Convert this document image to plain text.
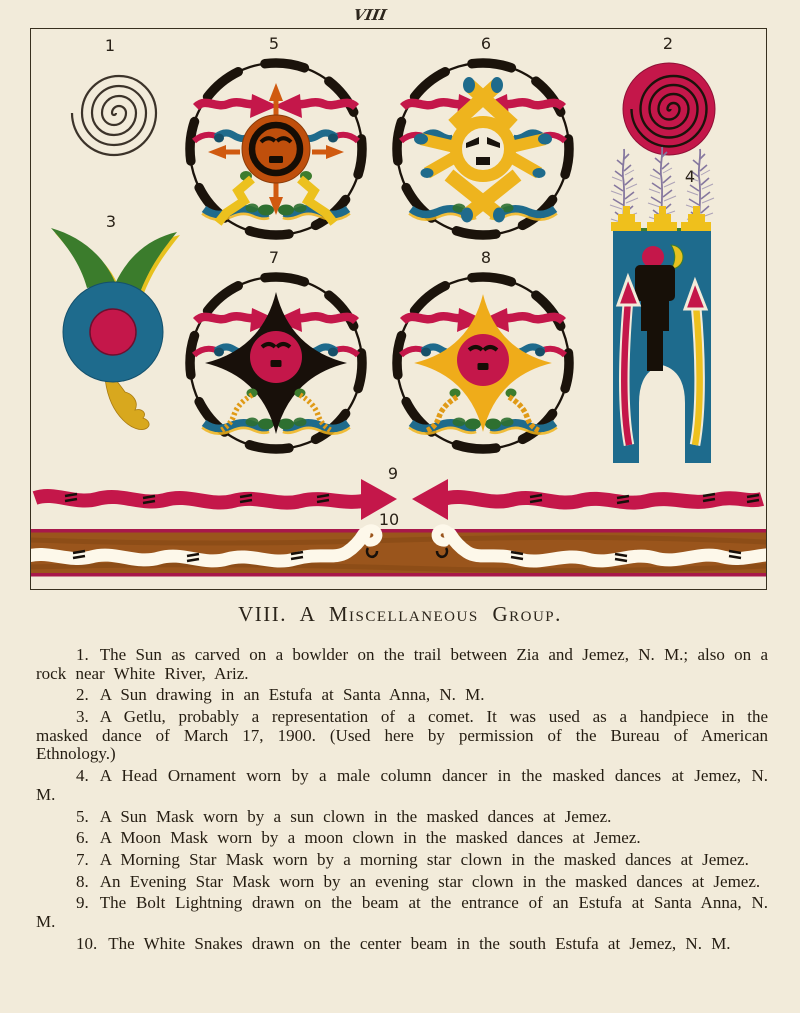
VIII
1	5	6	2
3
7	8
4
9
10
VIII. A Miscellaneous Group.

1. The Sun as carved on a bowlder on the trail between Zia and Jemez, N. M.; also on a rock near White River, Ariz.

2. A Sun drawing in an Estufa at Santa Anna, N. M.

3. A Getlu, probably a representation of a comet. It was used as a handpiece in the masked dance of March 17, 1900. (Used here by permission of the Bureau of American Ethnology.)

4. A Head Ornament worn by a male column dancer in the masked dances at Jemez, N. M.

5. A Sun Mask worn by a sun clown in the masked dances at Jemez.

6. A Moon Mask worn by a moon clown in the masked dances at Jemez.

7. A Morning Star Mask worn by a morning star clown in the masked dances at Jemez.

8. An Evening Star Mask worn by an evening star clown in the masked dances at Jemez.

9. The Bolt Lightning drawn on the beam at the entrance of an Estufa at Santa Anna, N. M.

10. The White Snakes drawn on the center beam in the south Estufa at Jemez, N. M.
